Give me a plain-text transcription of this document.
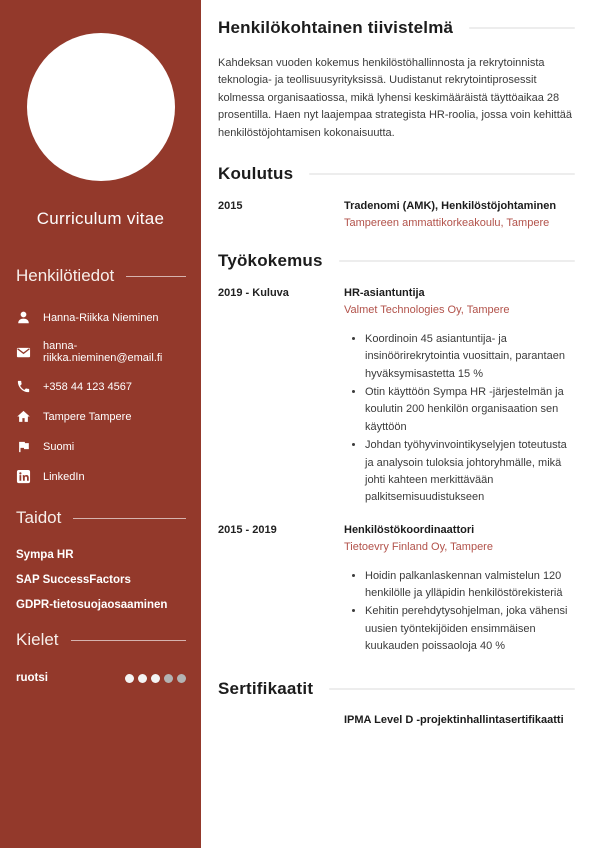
Curriculum vitae
Henkilötiedot
Hanna-Riikka Nieminen
hanna-riikka.nieminen@email.fi
+358 44 123 4567
Tampere Tampere
Suomi
LinkedIn
Taidot
Sympa HR
SAP SuccessFactors
GDPR-tietosuojaosaaminen
Kielet
ruotsi
Henkilökohtainen tiivistelmä

Kahdeksan vuoden kokemus henkilöstöhallinnosta ja rekrytoinnista teknologia- ja teollisuusyrityksissä. Uudistanut rekrytointiprosessit kolmessa organisaatiossa, mikä lyhensi keskimääräistä täyttöaikaa 28 prosentilla. Haen nyt laajempaa strategista HR-roolia, jossa voin kehittää henkilöstöjohtamisen kokonaisuutta.

Koulutus
2015	Tradenomi (AMK), Henkilöstöjohtaminen
Tampereen ammattikorkeakoulu, Tampere
Työkokemus
2019 - Kuluva	HR-asiantuntija
Valmet Technologies Oy, Tampere
• Koordinoin 45 asiantuntija- ja insinöörirekrytointia vuosittain, parantaen hyväksymisastetta 15 %
• Otin käyttöön Sympa HR -järjestelmän ja koulutin 200 henkilön organisaation sen käyttöön
• Johdan työhyvinvointikyselyjen toteutusta ja analysoin tuloksia johtoryhmälle, mikä johti kahteen merkittävään palkitsemisuudistukseen
2015 - 2019	Henkilöstökoordinaattori
Tietoevry Finland Oy, Tampere
• Hoidin palkanlaskennan valmistelun 120 henkilölle ja ylläpidin henkilöstörekisteriä
• Kehitin perehdytysohjelman, joka vähensi uusien työntekijöiden ensimmäisen kuukauden poissaoloja 40 %
Sertifikaatit
IPMA Level D -projektinhallintasertifikaatti
